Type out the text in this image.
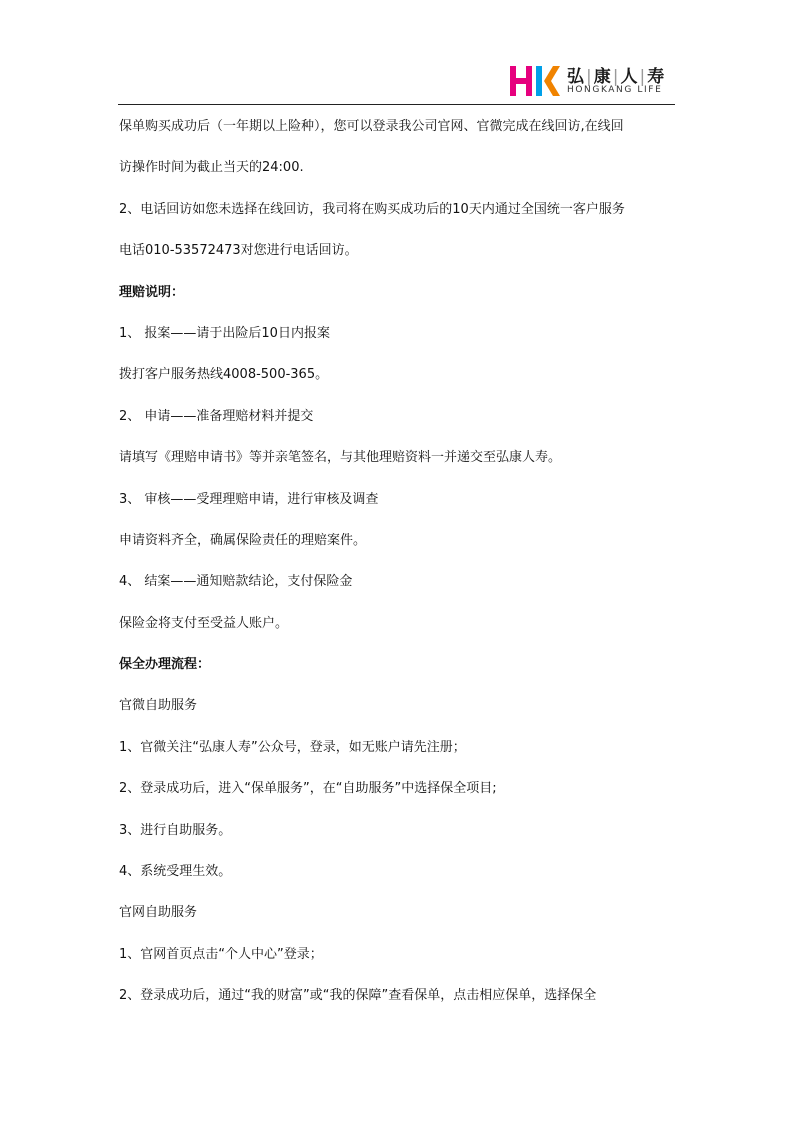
弘|康|人|寿
HONGKANG LIFE
保单购买成功后（一年期以上险种），您可以登录我公司官网、官微完成在线回访,在线回
访操作时间为截止当天的24:00.
2、电话回访如您未选择在线回访，我司将在购买成功后的10天内通过全国统一客户服务
电话010-53572473对您进行电话回访。
理赔说明：
1、 报案——请于出险后10日内报案
拨打客户服务热线4008-500-365。
2、 申请——准备理赔材料并提交
请填写《理赔申请书》等并亲笔签名，与其他理赔资料一并递交至弘康人寿。
3、 审核——受理理赔申请，进行审核及调查
申请资料齐全，确属保险责任的理赔案件。
4、 结案——通知赔款结论，支付保险金
保险金将支付至受益人账户。
保全办理流程：
官微自助服务
1、官微关注“弘康人寿”公众号，登录，如无账户请先注册；
2、登录成功后，进入“保单服务”，在“自助服务”中选择保全项目;
3、进行自助服务。
4、系统受理生效。
官网自助服务
1、官网首页点击“个人中心”登录；
2、登录成功后，通过“我的财富”或“我的保障”查看保单，点击相应保单，选择保全
